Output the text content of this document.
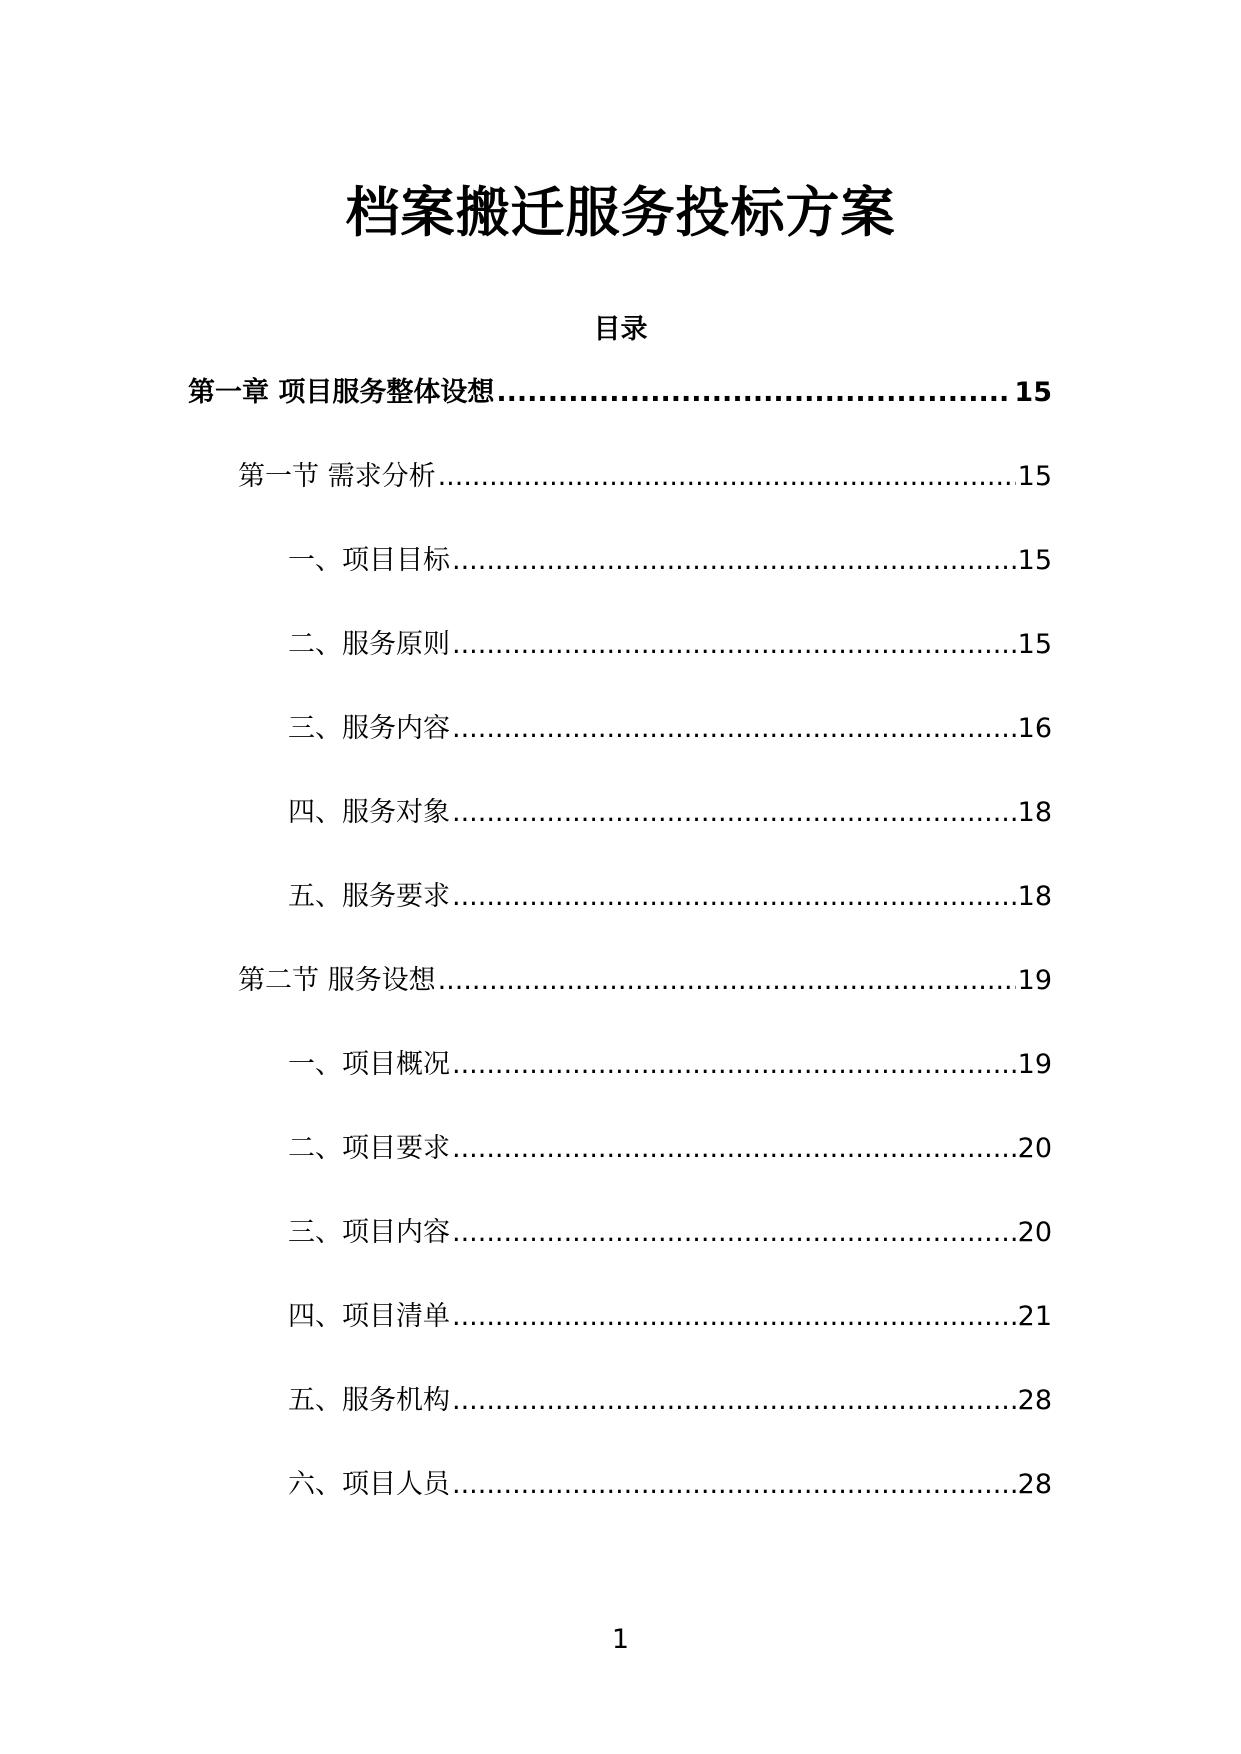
档案搬迁服务投标方案
目录
第一章 项目服务整体设想 .....	15
第一节 需求分析 .....	15
一、项目目标 .....	15
二、服务原则 .....	15
三、服务内容 .....	16
四、服务对象 .....	18
五、服务要求 .....	18
第二节 服务设想 .....	19
一、项目概况 .....	19
二、项目要求 .....	20
三、项目内容 .....	20
四、项目清单 .....	21
五、服务机构 .....	28
六、项目人员 .....	28
1
